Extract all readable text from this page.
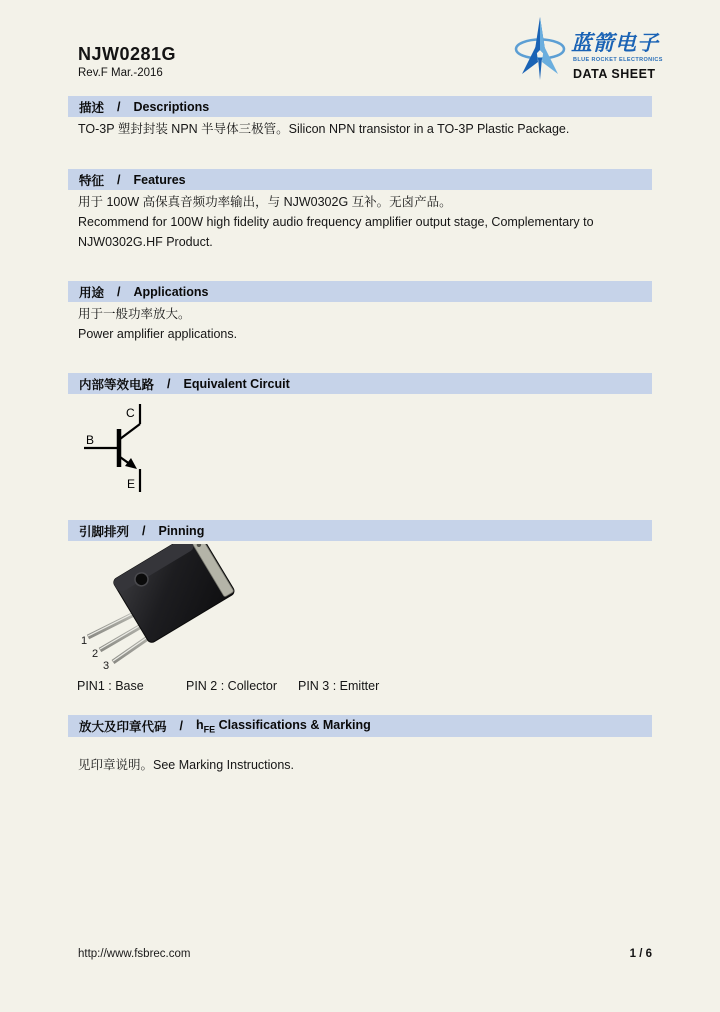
NJW0281G
Rev.F Mar.-2016
蓝箭电子
BLUE ROCKET ELECTRONICS
DATA SHEET
描述 / Descriptions
TO-3P 塑封封装 NPN 半导体三极管。Silicon NPN transistor in a TO-3P Plastic Package.
特征 / Features
用于 100W 高保真音频功率输出，与 NJW0302G 互补。无卤产品。
Recommend for 100W high fidelity audio frequency amplifier output stage, Complementary to
NJW0302G.HF Product.
用途 / Applications
用于一般功率放大。
Power amplifier applications.
内部等效电路 / Equivalent Circuit
C
B
E
引脚排列 / Pinning
1
2
3
PIN1 : Base	PIN 2 : Collector PIN 3 : Emitter
放大及印章代码 / $h_{FE}$ Classifications & Marking
见印章说明。See Marking Instructions.
http://www.fsbrec.com	1 / 6
